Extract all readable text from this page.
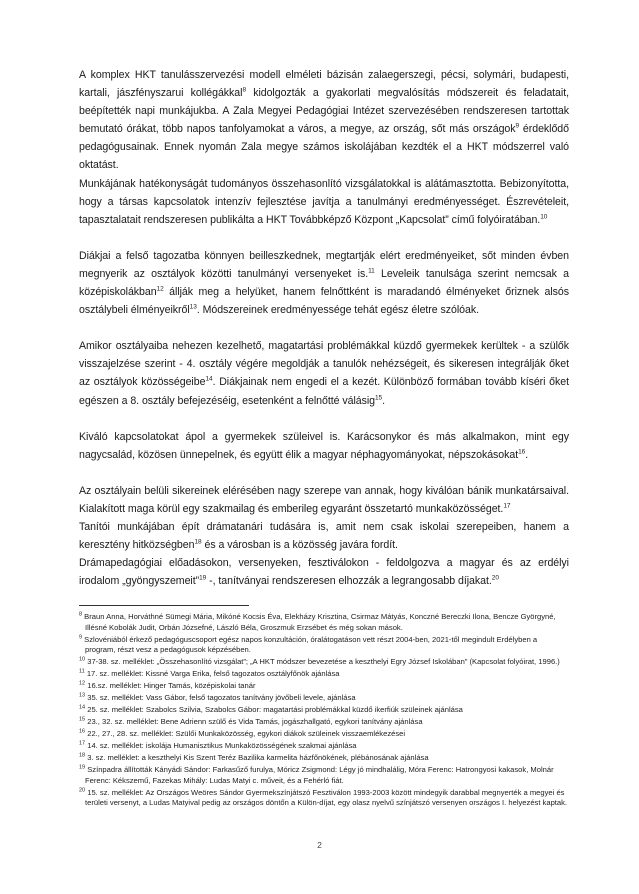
A komplex HKT tanulásszervezési modell elméleti bázisán zalaegerszegi, pécsi, solymári, budapesti, kartali, jászfényszarui kollégákkal$^8$ kidolgozták a gyakorlati megvalósítás módszereit és feladatait, beépítették napi munkájukba. A Zala Megyei Pedagógiai Intézet szervezésében rendszeresen tartottak bemutató órákat, több napos tanfolyamokat a város, a megye, az ország, sőt más országok$^9$ érdeklődő pedagógusainak. Ennek nyomán Zala megye számos iskolájában kezdték el a HKT módszerrel való oktatást.

Munkájának hatékonyságát tudományos összehasonlító vizsgálatokkal is alátámasztotta. Bebizonyította, hogy a társas kapcsolatok intenzív fejlesztése javítja a tanulmányi eredményességet. Észrevételeit, tapasztalatait rendszeresen publikálta a HKT Továbbképző Központ „Kapcsolat” című folyóiratában.$^{10}$

Diákjai a felső tagozatba könnyen beilleszkednek, megtartják elért eredményeiket, sőt minden évben megnyerik az osztályok közötti tanulmányi versenyeket is.$^{11}$ Leveleik tanulsága szerint nemcsak a középiskolákban$^{12}$ állják meg a helyüket, hanem felnőttként is maradandó élményeket őriznek alsós osztálybeli élményeikről$^{13}$. Módszereinek eredményessége tehát egész életre szólóak.

Amikor osztályaiba nehezen kezelhető, magatartási problémákkal küzdő gyermekek kerültek - a szülők visszajelzése szerint - 4. osztály végére megoldják a tanulók nehézségeit, és sikeresen integrálják őket az osztályok közösségeibe$^{14}$. Diákjainak nem engedi el a kezét. Különböző formában tovább kíséri őket egészen a 8. osztály befejezéséig, esetenként a felnőtté válásig$^{15}$.

Kiváló kapcsolatokat ápol a gyermekek szüleivel is. Karácsonykor és más alkalmakon, mint egy nagycsalád, közösen ünnepelnek, és együtt élik a magyar néphagyományokat, népszokásokat$^{16}$.

Az osztályain belüli sikereinek elérésében nagy szerepe van annak, hogy kiválóan bánik munkatársaival. Kialakított maga körül egy szakmailag és emberileg egyaránt összetartó munkaközösséget.$^{17}$

Tanítói munkájában épít drámatanári tudására is, amit nem csak iskolai szerepeiben, hanem a keresztény hitközségben$^{18}$ és a városban is a közösség javára fordít.

Drámapedagógiai előadásokon, versenyeken, fesztiválokon - feldolgozva a magyar és az erdélyi irodalom „gyöngyszemeit”$^{19}$ -, tanítványai rendszeresen elhozzák a legrangosabb díjakat.$^{20}$

$^8$ Braun Anna, Horváthné Sümegi Mária, Mikóné Kocsis Éva, Elekházy Krisztina, Csirmaz Mátyás, Konczné Bereczki Ilona, Bencze Györgyné, Illésné Kobolák Judit, Orbán Józsefné, László Béla, Groszmuk Erzsébet és még sokan mások.

$^9$ Szlovéniából érkező pedagóguscsoport egész napos konzultáción, óralátogatáson vett részt 2004-ben, 2021-től megindult Erdélyben a program, részt vesz a pedagógusok képzésében.

$^{10}$ 37-38. sz. melléklet: „Összehasonlító vizsgálat”; „A HKT módszer bevezetése a keszthelyi Egry József Iskolában” (Kapcsolat folyóirat, 1996.)

$^{11}$ 17. sz. melléklet: Kissné Varga Erika, felső tagozatos osztályfőnök ajánlása

$^{12}$ 16.sz. melléklet: Hinger Tamás, középiskolai tanár

$^{13}$ 35. sz. melléklet: Vass Gábor, felső tagozatos tanítvány jövőbeli levele, ajánlása

$^{14}$ 25. sz. melléklet: Szabolcs Szilvia, Szabolcs Gábor: magatartási problémákkal küzdő ikerfiúk szüleinek ajánlása

$^{15}$ 23., 32. sz. melléklet: Bene Adrienn szülő és Vida Tamás, jogászhallgató, egykori tanítvány ajánlása

$^{16}$ 22., 27., 28. sz. melléklet: Szülői Munkaközösség, egykori diákok szüleinek visszaemlékezései

$^{17}$ 14. sz. melléklet: iskolája Humanisztikus Munkaközösségének szakmai ajánlása

$^{18}$ 3. sz. melléklet: a keszthelyi Kis Szent Teréz Bazilika karmelita házfőnökének, plébánosának ajánlása

$^{19}$ Színpadra állították Kányádi Sándor: Farkasűző furulya, Móricz Zsigmond: Légy jó mindhalálig, Móra Ferenc: Hatrongyosi kakasok, Molnár Ferenc: Kékszemű, Fazekas Mihály: Ludas Matyi c. műveit, és a Fehérló fiát.

$^{20}$ 15. sz. melléklet: Az Országos Weöres Sándor Gyermekszínjátszó Fesztiválon 1993-2003 között mindegyik darabbal megnyerték a megyei és területi versenyt, a Ludas Matyival pedig az országos döntőn a Külön-díjat, egy olasz nyelvű színjátszó versenyen országos I. helyezést kaptak.

2
